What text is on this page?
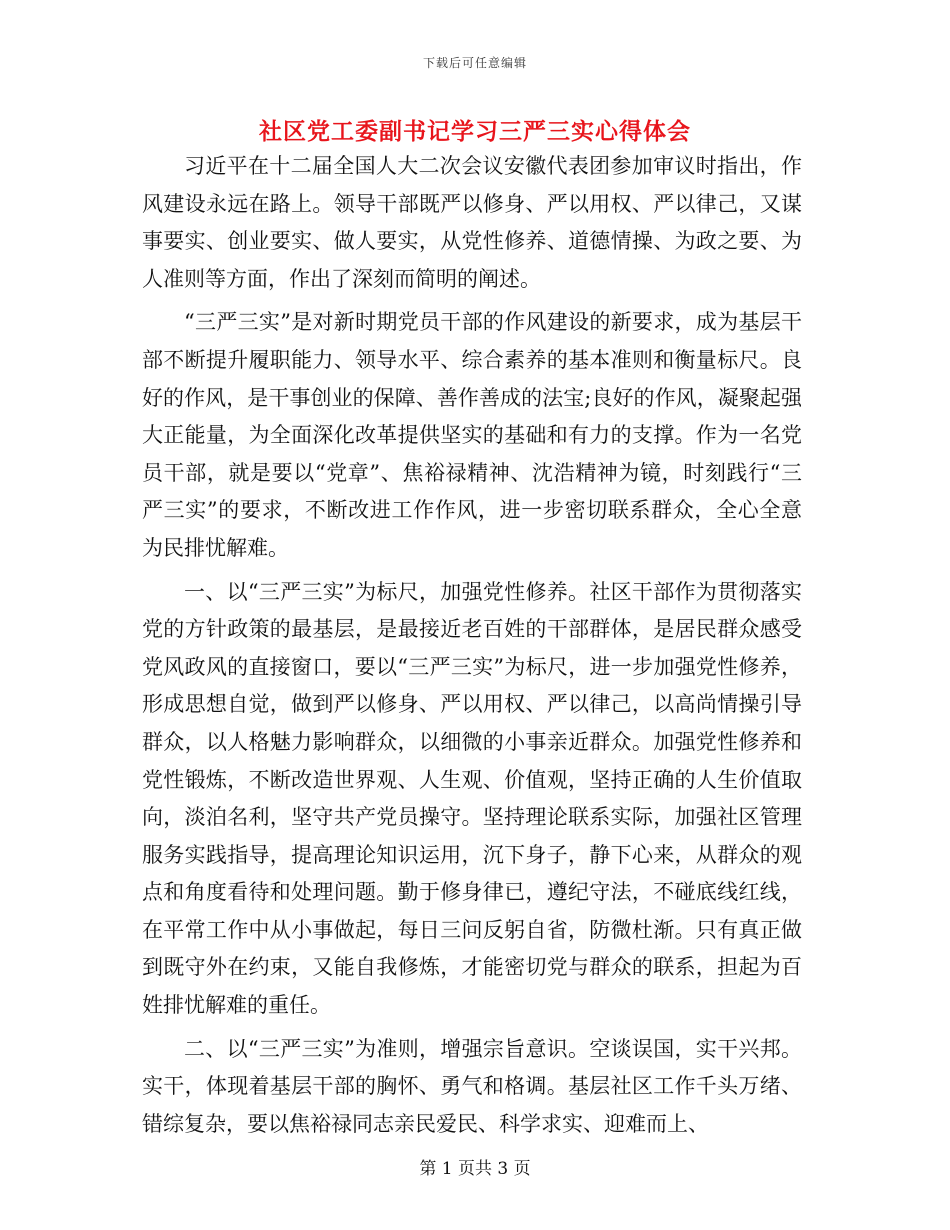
下载后可任意编辑
社区党工委副书记学习三严三实心得体会

习近平在十二届全国人大二次会议安徽代表团参加审议时指出，作风建设永远在路上。领导干部既严以修身、严以用权、严以律己，又谋事要实、创业要实、做人要实，从党性修养、道德情操、为政之要、为人准则等方面，作出了深刻而简明的阐述。

“三严三实”是对新时期党员干部的作风建设的新要求，成为基层干部不断提升履职能力、领导水平、综合素养的基本准则和衡量标尺。良好的作风，是干事创业的保障、善作善成的法宝;良好的作风，凝聚起强大正能量，为全面深化改革提供坚实的基础和有力的支撑。作为一名党员干部，就是要以“党章”、焦裕禄精神、沈浩精神为镜，时刻践行“三严三实”的要求，不断改进工作作风，进一步密切联系群众，全心全意为民排忧解难。

一、以“三严三实”为标尺，加强党性修养。社区干部作为贯彻落实党的方针政策的最基层，是最接近老百姓的干部群体，是居民群众感受党风政风的直接窗口，要以“三严三实”为标尺，进一步加强党性修养，形成思想自觉，做到严以修身、严以用权、严以律己，以高尚情操引导群众，以人格魅力影响群众，以细微的小事亲近群众。加强党性修养和党性锻炼，不断改造世界观、人生观、价值观，坚持正确的人生价值取向，淡泊名利，坚守共产党员操守。坚持理论联系实际，加强社区管理服务实践指导，提高理论知识运用，沉下身子，静下心来，从群众的观点和角度看待和处理问题。勤于修身律已，遵纪守法，不碰底线红线，在平常工作中从小事做起，每日三问反躬自省，防微杜渐。只有真正做到既守外在约束，又能自我修炼，才能密切党与群众的联系，担起为百姓排忧解难的重任。

二、以“三严三实”为准则，增强宗旨意识。空谈误国，实干兴邦。实干，体现着基层干部的胸怀、勇气和格调。基层社区工作千头万绪、错综复杂，要以焦裕禄同志亲民爱民、科学求实、迎难而上、

第 1 页共 3 页
